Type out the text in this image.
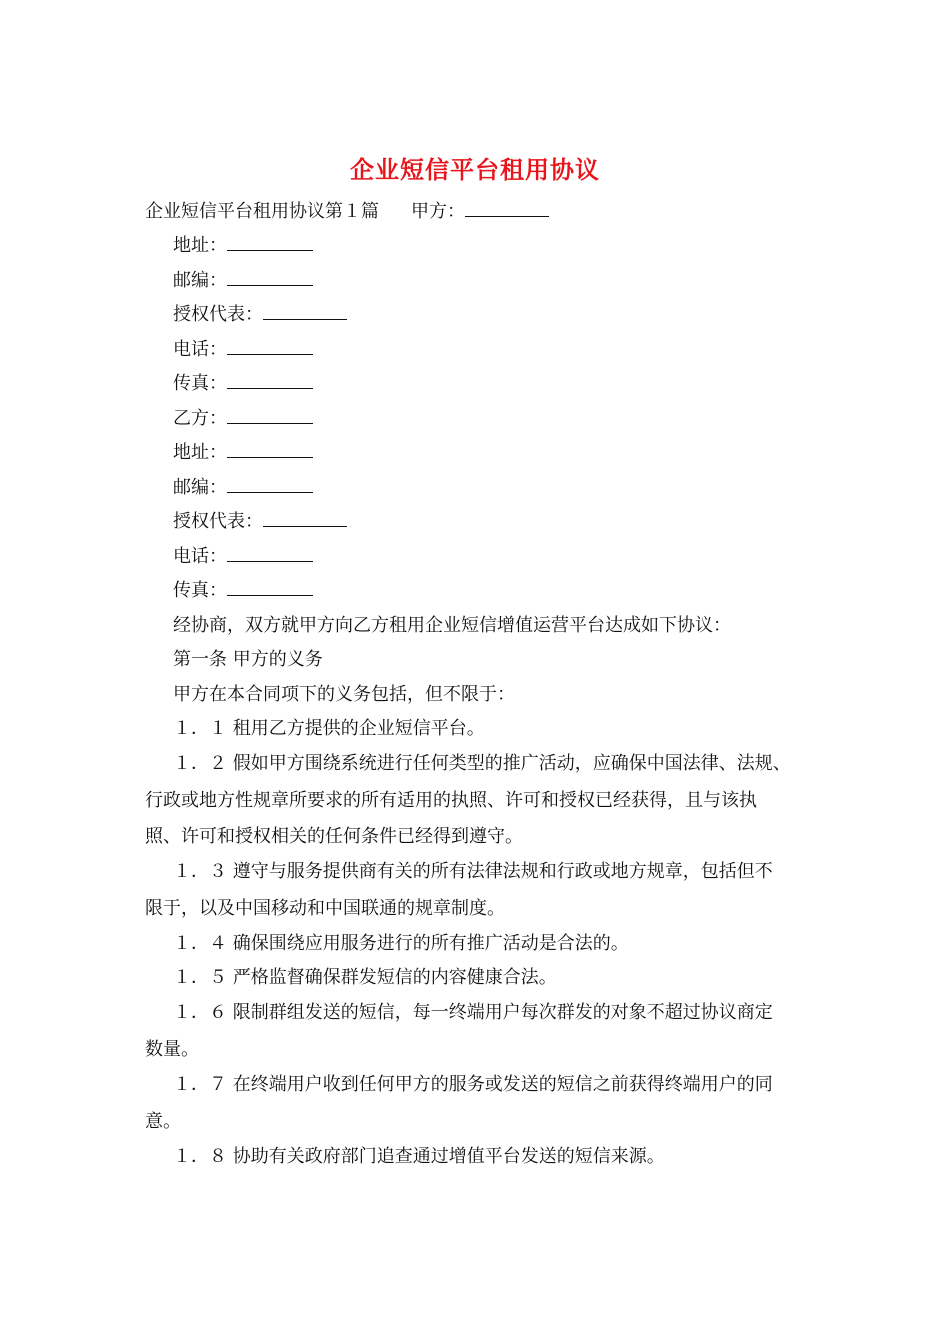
企业短信平台租用协议
企业短信平台租用协议第１篇 甲方：
地址：
邮编：
授权代表：
电话：
传真：
乙方：
地址：
邮编：
授权代表：
电话：
传真：
经协商，双方就甲方向乙方租用企业短信增值运营平台达成如下协议：
第一条 甲方的义务
甲方在本合同项下的义务包括，但不限于：
１．１ 租用乙方提供的企业短信平台。
１．２ 假如甲方围绕系统进行任何类型的推广活动，应确保中国法律、法规、
行政或地方性规章所要求的所有适用的执照、许可和授权已经获得，且与该执
照、许可和授权相关的任何条件已经得到遵守。
１．３ 遵守与服务提供商有关的所有法律法规和行政或地方规章，包括但不
限于，以及中国移动和中国联通的规章制度。
１．４ 确保围绕应用服务进行的所有推广活动是合法的。
１．５ 严格监督确保群发短信的内容健康合法。
１．６ 限制群组发送的短信，每一终端用户每次群发的对象不超过协议商定
数量。
１．７ 在终端用户收到任何甲方的服务或发送的短信之前获得终端用户的同
意。
１．８ 协助有关政府部门追查通过增值平台发送的短信来源。
